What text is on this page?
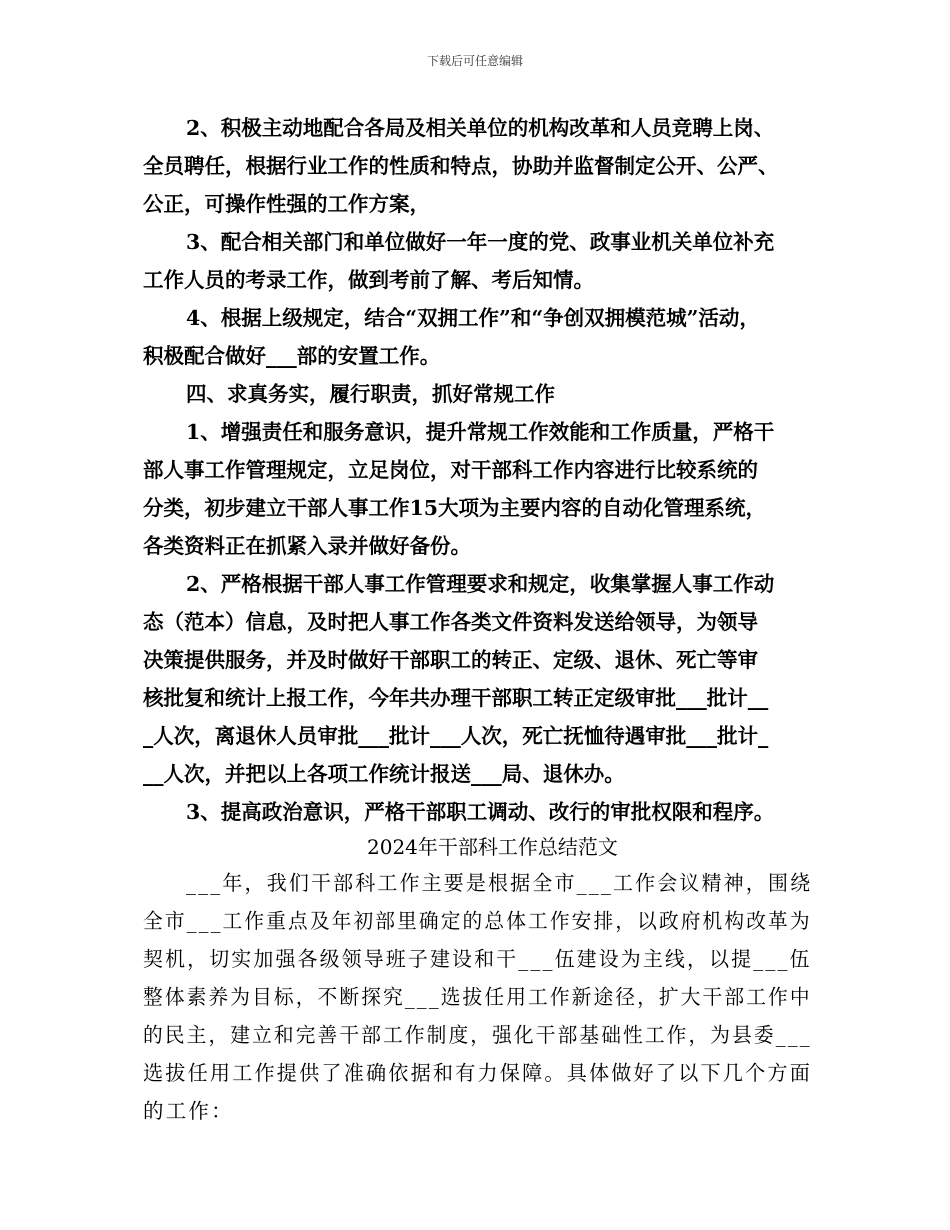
下载后可任意编辑
2、积极主动地配合各局及相关单位的机构改革和人员竞聘上岗、
全员聘任，根据行业工作的性质和特点，协助并监督制定公开、公严、
公正，可操作性强的工作方案，
3、配合相关部门和单位做好一年一度的党、政事业机关单位补充
工作人员的考录工作，做到考前了解、考后知情。
4、根据上级规定，结合“双拥工作”和“争创双拥模范城”活动，
积极配合做好___部的安置工作。
四、求真务实，履行职责，抓好常规工作
1、增强责任和服务意识，提升常规工作效能和工作质量，严格干
部人事工作管理规定，立足岗位，对干部科工作内容进行比较系统的
分类，初步建立干部人事工作15大项为主要内容的自动化管理系统，
各类资料正在抓紧入录并做好备份。
2、严格根据干部人事工作管理要求和规定，收集掌握人事工作动
态（范本）信息，及时把人事工作各类文件资料发送给领导，为领导
决策提供服务，并及时做好干部职工的转正、定级、退休、死亡等审
核批复和统计上报工作，今年共办理干部职工转正定级审批___批计__
_人次，离退休人员审批___批计___人次，死亡抚恤待遇审批___批计_
__人次，并把以上各项工作统计报送___局、退休办。
3、提高政治意识，严格干部职工调动、改行的审批权限和程序。
2024年干部科工作总结范文
___年，我们干部科工作主要是根据全市___工作会议精神，围绕
全市___工作重点及年初部里确定的总体工作安排，以政府机构改革为
契机，切实加强各级领导班子建设和干___伍建设为主线，以提___伍
整体素养为目标，不断探究___选拔任用工作新途径，扩大干部工作中
的民主，建立和完善干部工作制度，强化干部基础性工作，为县委___
选拔任用工作提供了准确依据和有力保障。具体做好了以下几个方面
的工作：
